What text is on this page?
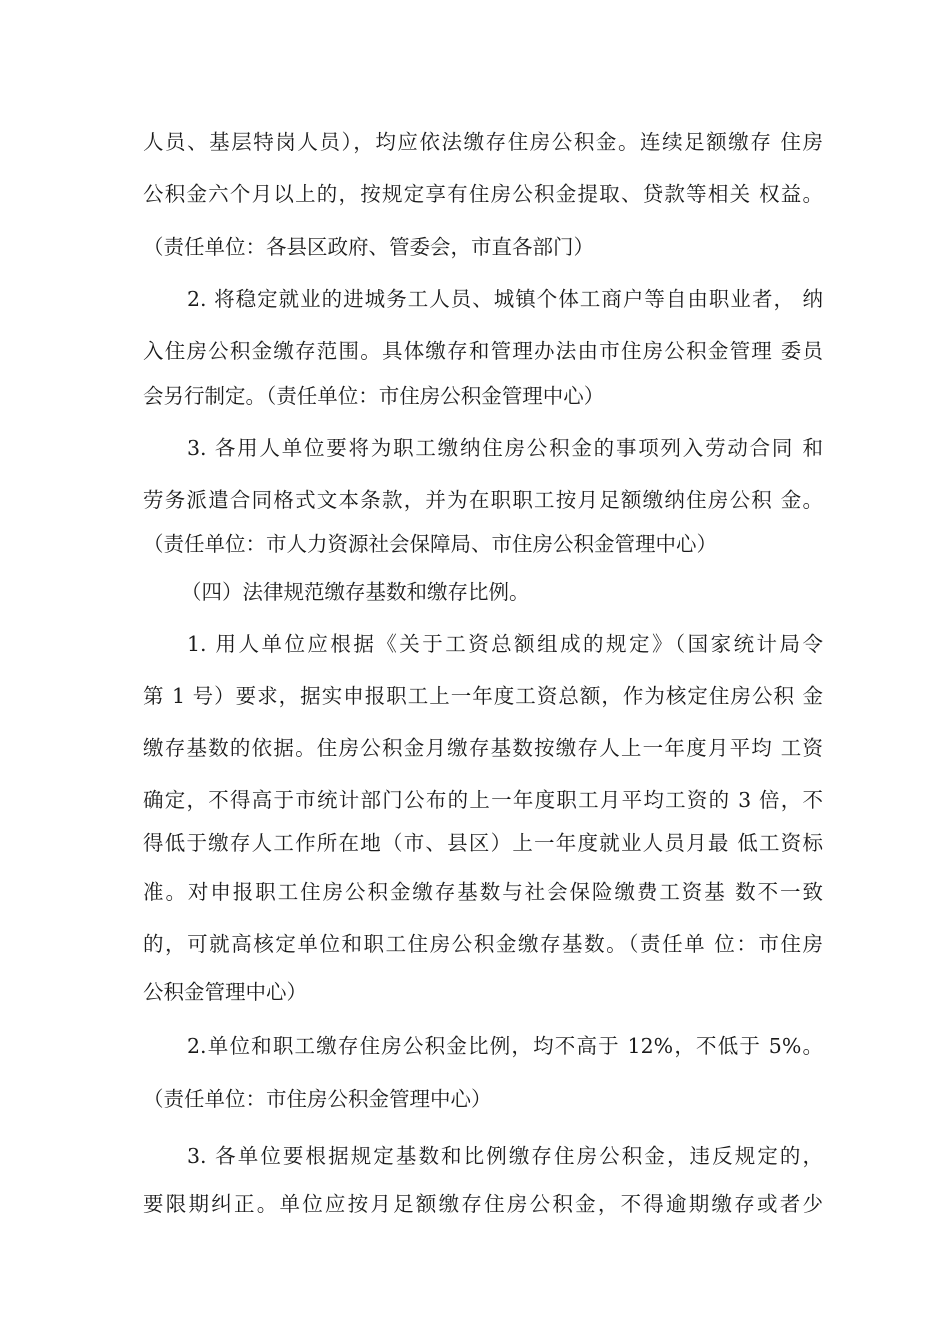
人员、基层特岗人员），均应依法缴存住房公积金。连续足额缴存 住房
公积金六个月以上的，按规定享有住房公积金提取、贷款等相关 权益。
（责任单位：各县区政府、管委会，市直各部门）
2. 将稳定就业的进城务工人员、城镇个体工商户等自由职业者， 纳
入住房公积金缴存范围。具体缴存和管理办法由市住房公积金管理 委员
会另行制定。（责任单位：市住房公积金管理中心）
3. 各用人单位要将为职工缴纳住房公积金的事项列入劳动合同 和
劳务派遣合同格式文本条款，并为在职职工按月足额缴纳住房公积 金。
（责任单位：市人力资源社会保障局、市住房公积金管理中心）
（四）法律规范缴存基数和缴存比例。
1. 用人单位应根据《关于工资总额组成的规定》（国家统计局令
第 1 号）要求，据实申报职工上一年度工资总额，作为核定住房公积 金
缴存基数的依据。住房公积金月缴存基数按缴存人上一年度月平均 工资
确定，不得高于市统计部门公布的上一年度职工月平均工资的 3 倍，不
得低于缴存人工作所在地（市、县区）上一年度就业人员月最 低工资标
准。对申报职工住房公积金缴存基数与社会保险缴费工资基 数不一致
的，可就高核定单位和职工住房公积金缴存基数。（责任单 位：市住房
公积金管理中心）
2.单位和职工缴存住房公积金比例，均不高于 12%，不低于 5%。
（责任单位：市住房公积金管理中心）
3. 各单位要根据规定基数和比例缴存住房公积金，违反规定的，
要限期纠正。单位应按月足额缴存住房公积金，不得逾期缴存或者少
